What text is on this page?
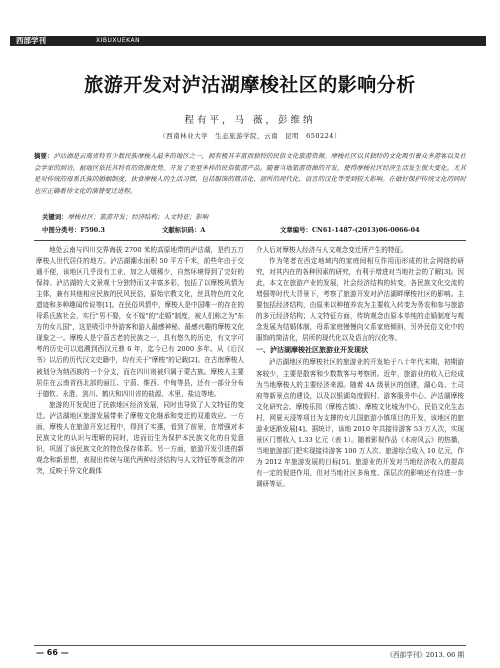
西部学刊	XIBUXUEKAN
旅游开发对泸沽湖摩梭社区的影响分析
程有平，马 薇，彭维纳
（西南林业大学　生态旅游学院，云南　昆明　650224）
摘要：泸沽湖是云南省特有少数民族摩梭人最多的地区之一，拥有极其丰富而独特的民俗文化旅游资源。摩梭社区以其独特的文化吸引着众多游客以及社会学家的到访，据地区依托其特有的资源优势，开发了类型多样的民俗旅游产品。随着当地旅游资源的开发，使得摩梭社区经济生活发生很大变化。尤其是对传统的母系氏族的婚姻制度、伙食摩梭人的生活习惯、包括服饰的简洁化、居所的现代化、语言的汉化等受到较大影响。在做好保护传统文化的同时也应正确看待文化的演替变迁进程。
关键词：摩梭社区；旅游开发；经济结构；人文特征；影响
中图分类号：F590.3	文献标识码：A	文章编号：CN61-1487-(2013)06-0066-04

地处云南与四川交界海拔 2700 米的高原地带的泸沽湖，是约五万摩梭人世代居住的地方。泸沽湖潮水面积 50 平方千米，前些年由于交通不便，该地区几乎没有工业，加之人烟稀少，自然环境得到了完好的保持。泸沽湖的大文景观十分独特而又丰富多彩，包括了以摩梭风情为主体，兼有其他相应民族的民风民俗，原始宗教文化，丝具特色的文化遗迹和多种趣闻传说等[1]。在民俗风情中，摩梭人是中国唯一的存在的母系氏族社会，实行"男不娶，女不嫁"的"走婚"制度，被人们称之为"东方的女儿国"，这是吸引中外游客和游人最感神秘、最感兴趣的摩梭文化现象之一。摩梭人是宁蒗古老的民族之一，具有悠久的历史，有文字可考的历史可以追溯到西汉元鼎 6 年，迄今已有 2000 多年。从《后汉书》以后的历代汉文史籍中，均有关于"摩梭"的记载[2]。在古南摩梭人被划分为纳西族的一个分支，而在四川则被归属于蒙古族。摩梭人主要居住在云南省西北部的丽江、宁蒗、维西、中甸等县，还有一部分分布于德钦、永胜、剑川、鹤庆和四川省的盐源、木里、盐边等地。

旅游的开发促进了民族地区经济发展，同时也导致了人文特征的变迁。泸沽湖地区旅游发展带来了摩梭文化继承和变迁的双重效应。一方面，摩梭人在旅游开发过程中，得到了实惠，看到了前景，在增强对本民族文化的认识与理解的同时，进而衍生为保护本民族文化的自觉意识，巩固了该民族文化的特色保存体系。另一方面，旅游开发引进的新观念和新思想，表现出传统与现代两种经济结构与人文特征等观念的冲突，反映于异文化载体

介人后对摩梭人经济与人文观念变迁所产生的特征。

作为笔者在西定地域内的家庭间相互作用而形成的社会网络的研究，对其内在的各种因素的研究，有利于增进对当地社会的了解[3]。因此，本文在旅游产业的发展，社会经济结构的转变，各民族文化交流的增强等时代大背景下，考察了旅游开发对泸沽湖畔摩梭社区的影响。主要包括经济结构，由原来以种植养农为主要收入转变为务农和参与旅游的多元经济结构；人文特征方面，传统观念由原本单纯的走婚制度与观念发展为结婚体制，母系家庭慢慢向父系家庭倾斜，另外民俗文化中的服饰的简洁化，居所的现代化以及语言的汉化等。

一、泸沽湖摩梭社区旅游业开发现状

泸沽湖地区的摩梭社区的旅游业的开发始于八十年代末期，初期游客较少，主要是散客和少数数客与考察团。近年，旅游业的收入已经成为当地摩梭人的主要经济来源。随着 4A 级景区的创建，湖心岛、土司府等新景点的建设，以及以银湖岛度假村、游客服务中心、泸沽湖摩梭文化研究会、摩梭乐园（摩梭古镇）、摩梭文化城为中心，民俗文化生态村，网夏天浸等项目为支撑的女儿国旅游小镇项目的开发，该地区的旅游业逐渐发展[4]。据统计，该地 2010 年共接待游客 53 万人次，实现景区门票收入 1.33 亿元（表 1）。随着影视作品《木府风云》的热播，当地旅游部门把实现接待游客 100 万人次、旅游综合收入 10 亿元，作为 2012 年旅游发展的目标[5]。旅游业的开发对当地经济收入的提高有一定的促进作用，但对当地社区多角度、深层次的影响还有待进一步调研等证。

— 66 —	《西部学刊》2013. 06 期
